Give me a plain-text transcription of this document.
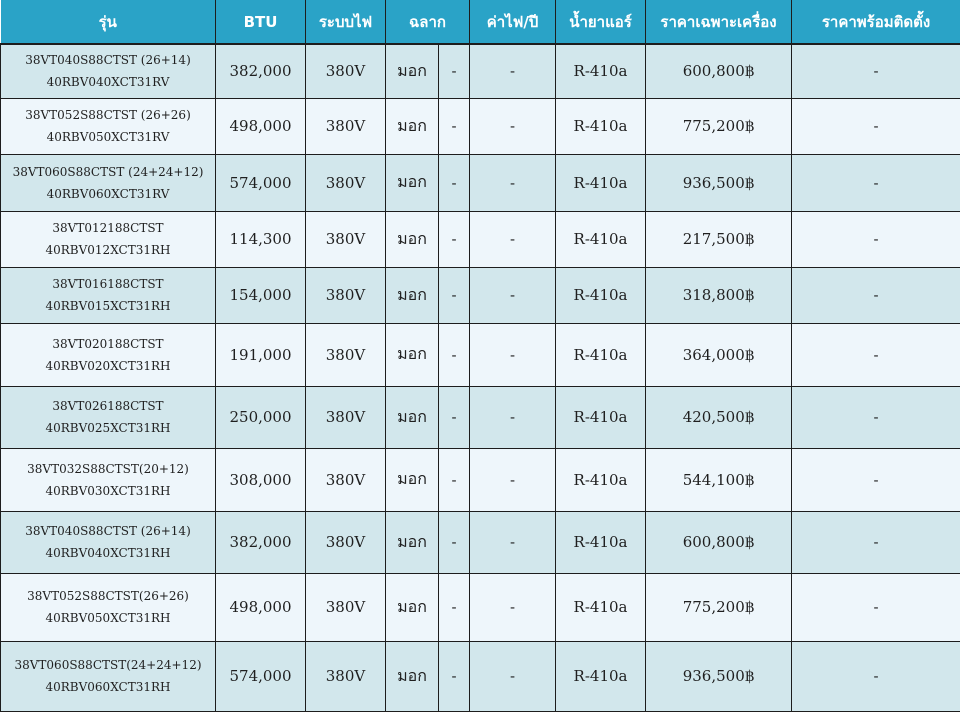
รุ่น	BTU	ระบบไฟ	ฉลาก		ค่าไฟ/ปี	น้ำยาแอร์	ราคาเฉพาะเครื่อง	ราคาพร้อมติดตั้ง

38VT040S88CTST (26+14)
40RBV040XCT31RV	382,000	380V	มอก	-	-	R-410a	600,800฿	-

38VT052S88CTST (26+26)
40RBV050XCT31RV	498,000	380V	มอก	-	-	R-410a	775,200฿	-

38VT060S88CTST (24+24+12)
40RBV060XCT31RV	574,000	380V	มอก	-	-	R-410a	936,500฿	-

38VT012188CTST
40RBV012XCT31RH	114,300	380V	มอก	-	-	R-410a	217,500฿	-

38VT016188CTST
40RBV015XCT31RH	154,000	380V	มอก	-	-	R-410a	318,800฿	-

38VT020188CTST
40RBV020XCT31RH	191,000	380V	มอก	-	-	R-410a	364,000฿	-

38VT026188CTST
40RBV025XCT31RH	250,000	380V	มอก	-	-	R-410a	420,500฿	-

38VT032S88CTST(20+12)
40RBV030XCT31RH	308,000	380V	มอก	-	-	R-410a	544,100฿	-

38VT040S88CTST (26+14)
40RBV040XCT31RH	382,000	380V	มอก	-	-	R-410a	600,800฿	-

38VT052S88CTST(26+26)
40RBV050XCT31RH	498,000	380V	มอก	-	-	R-410a	775,200฿	-

38VT060S88CTST(24+24+12)
40RBV060XCT31RH	574,000	380V	มอก	-	-	R-410a	936,500฿	-
